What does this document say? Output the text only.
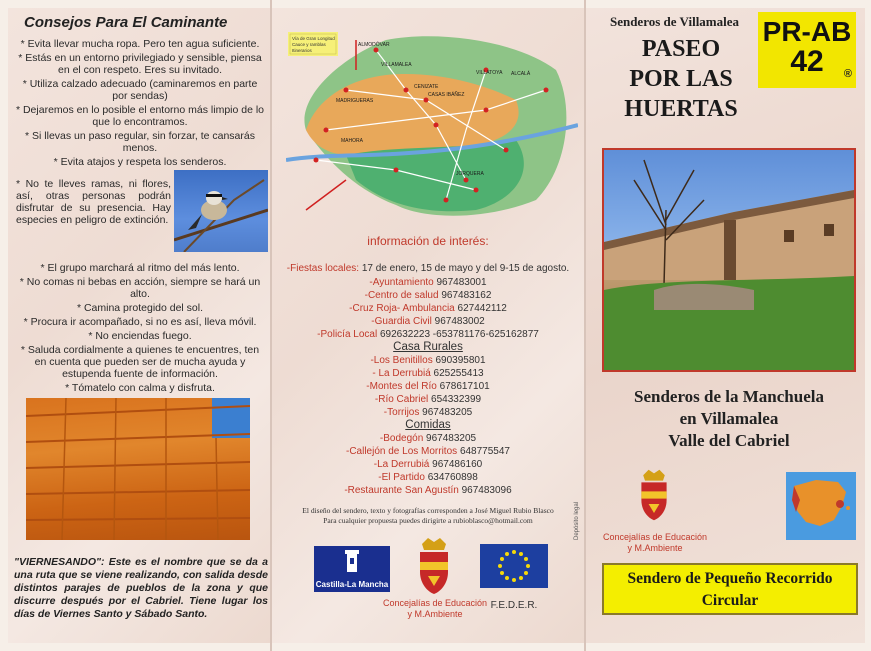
Consejos Para El Caminante

* Evita llevar mucha ropa. Pero ten agua suficiente.

* Estás en un entorno privilegiado y sensible, piensa en el con respeto. Eres su invitado.

* Utiliza calzado adecuado (caminaremos en parte por sendas)

* Dejaremos en lo posible el entorno más limpio de lo que lo encontramos.

* Si llevas un paso regular, sin forzar, te cansarás menos.

* Evita atajos y respeta los senderos.

* No te lleves ramas, ni flores, así, otras personas podrán disfrutar de su presencia. Hay especies en peligro de extinción.

* El grupo marchará al ritmo del más lento.

* No comas ni bebas en acción, siempre se hará un alto.

* Camina protegido del sol.

* Procura ir acompañado, si no es así, lleva móvil.

* No enciendas fuego.

* Saluda cordialmente a quienes te encuentres, ten en cuenta que pueden ser de mucha ayuda y estupenda fuente de información.

* Tómatelo con calma y disfruta.

"VIERNESANDO": Este es el nombre que se da a una ruta que se viene realizando, con salida desde distintos parajes de pueblos de la zona y que discurre después por el Cabriel. Tiene lugar los días de Viernes Santo y Sábado Santo.
Vía de Gran Longitud
Cauce y ramblas
Itinerarios
ALMODÓVAR
VILLAMALEA
CENIZATE
CASAS IBÁÑEZ
ALCALÁ
MADRIGUERAS
MAHORA
VILLATOYA
JORQUERA
información de interés:
-Fiestas locales: 17 de enero, 15 de mayo y del 9-15 de agosto.
-Ayuntamiento 967483001
-Centro de salud 967483162
-Cruz Roja- Ambulancia 627442112
-Guardia Civil 967483002
-Policía Local 692632223 -653781176-625162877
Casa Rurales
-Los Benitillos 690395801
- La Derrubiá 625255413
-Montes del Río 678617101
-Río Cabriel 654332399
-Torrijos 967483205
Comidas
-Bodegón 967483205
-Callejón de Los Morritos 648775547
-La Derrubiá 967486160
-El Partido 634760898
-Restaurante San Agustín 967483096
El diseño del sendero, texto y fotografías corresponden a José Miguel Rubio Blasco
Para cualquier propuesta puedes dirigirte a rubioblasco@hotmail.com
Castilla-La Mancha
Concejalías de Educación y M.Ambiente
F.E.D.E.R.
Depósito legal
Senderos de Villamalea
PASEO
POR LAS
HUERTAS
PR-AB
42	®
Senderos de la Manchuela
en Villamalea
Valle del Cabriel
Concejalías de Educación y M.Ambiente
Sendero de Pequeño Recorrido
Circular
